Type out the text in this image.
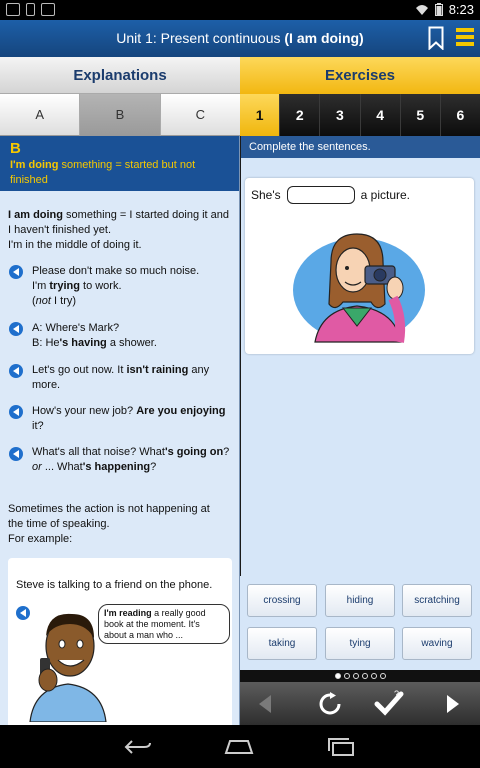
8:23
Unit 1: Present continuous (I am doing)
Explanations	Exercises
A	B	C	1	2	3	4	5	6
B
I'm doing something = started but not finished
I am doing something = I started doing it and I haven't finished yet.
I'm in the middle of doing it.
Please don't make so much noise.
I'm trying to work.
(not I try)
A: Where's Mark?
B: He's having a shower.
Let's go out now. It isn't raining any more.
How's your new job? Are you enjoying it?
What's all that noise? What's going on?
or ... What's happening?
Sometimes the action is not happening at the time of speaking.
For example:
Steve is talking to a friend on the phone.
I'm reading a really good book at the moment. It's about a man who ...
Complete the sentences.
She's	a picture.
crossing	hiding	scratching
taking	tying	waving
?
